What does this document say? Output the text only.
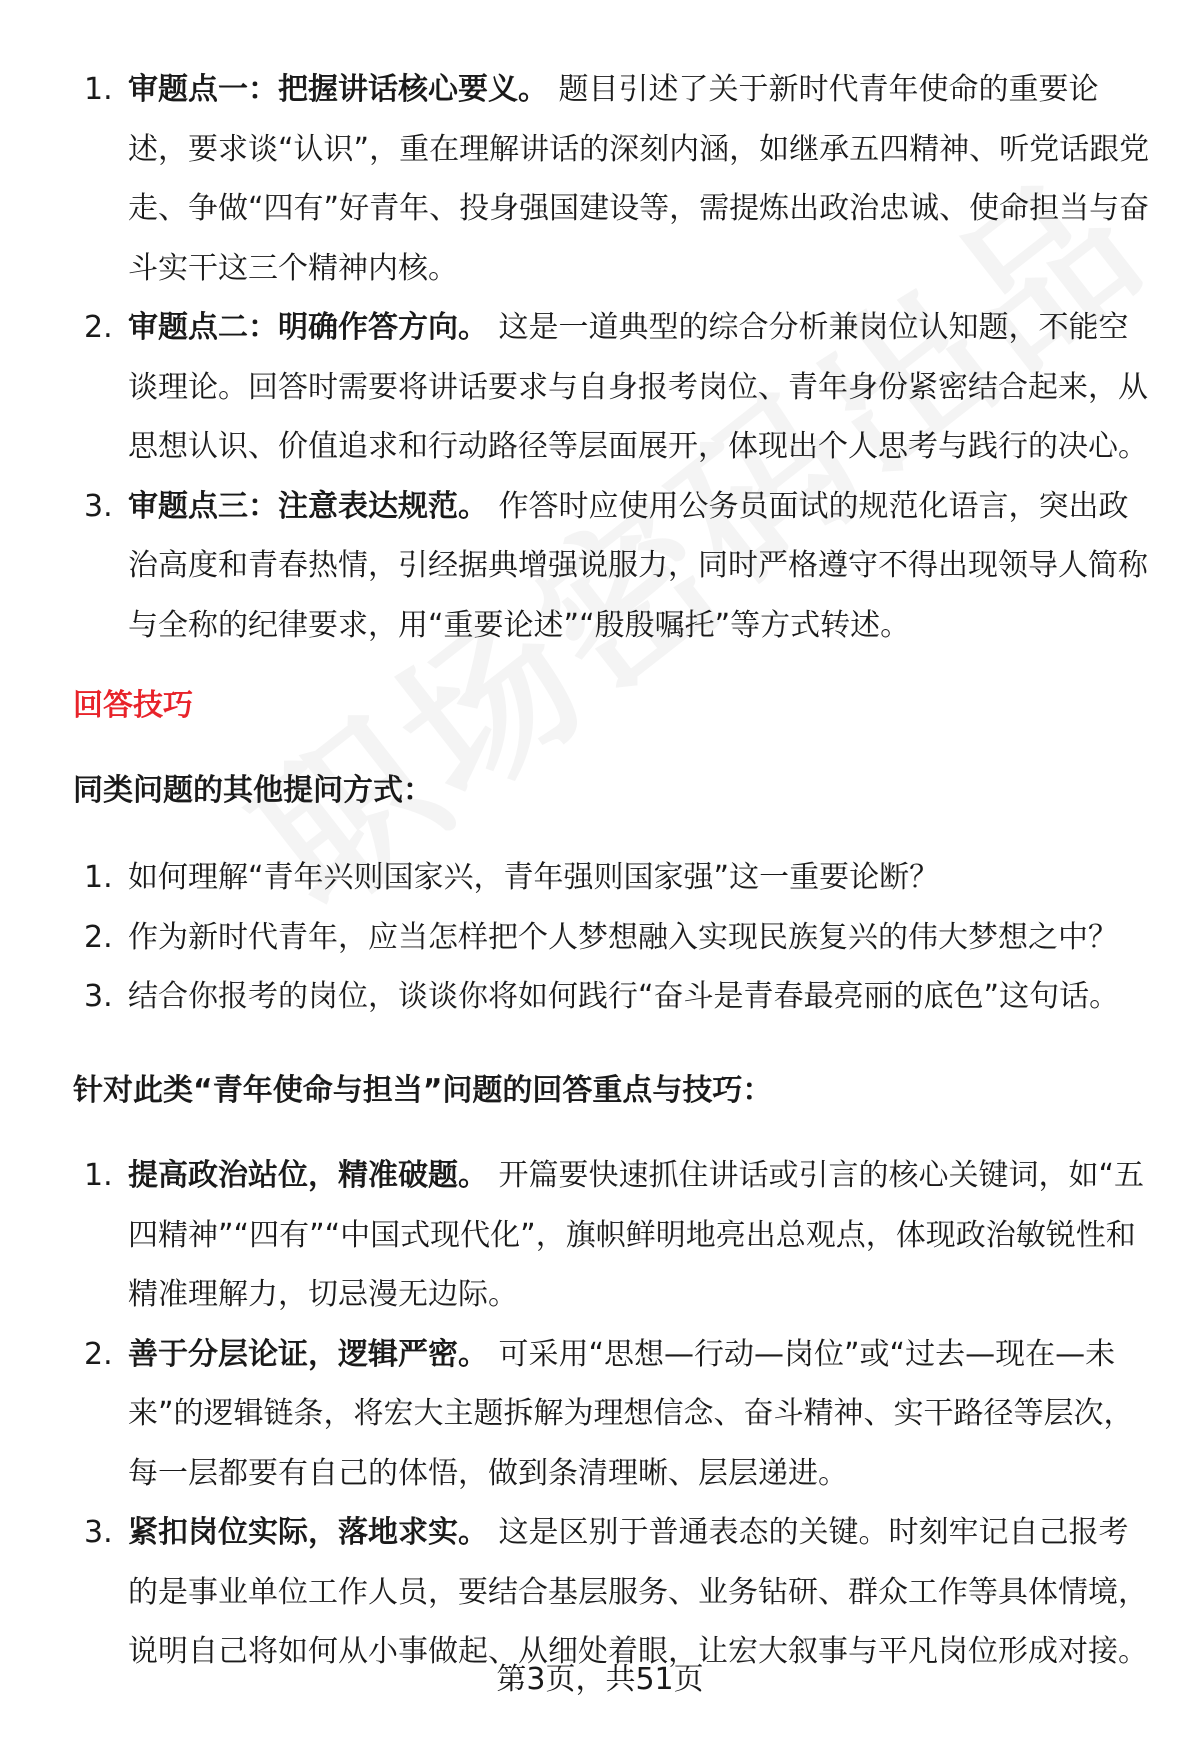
1. 审题点一：把握讲话核心要义。 题目引述了关于新时代青年使命的重要论述，要求谈“认识”，重在理解讲话的深刻内涵，如继承五四精神、听党话跟党走、争做“四有”好青年、投身强国建设等，需提炼出政治忠诚、使命担当与奋斗实干这三个精神内核。
2. 审题点二：明确作答方向。 这是一道典型的综合分析兼岗位认知题，不能空谈理论。回答时需要将讲话要求与自身报考岗位、青年身份紧密结合起来，从思想认识、价值追求和行动路径等层面展开，体现出个人思考与践行的决心。
3. 审题点三：注意表达规范。 作答时应使用公务员面试的规范化语言，突出政治高度和青春热情，引经据典增强说服力，同时严格遵守不得出现领导人简称与全称的纪律要求，用“重要论述”“殷殷嘱托”等方式转述。
回答技巧
同类问题的其他提问方式：
1. 如何理解“青年兴则国家兴，青年强则国家强”这一重要论断？
2. 作为新时代青年，应当怎样把个人梦想融入实现民族复兴的伟大梦想之中？
3. 结合你报考的岗位，谈谈你将如何践行“奋斗是青春最亮丽的底色”这句话。
针对此类“青年使命与担当”问题的回答重点与技巧：
1. 提高政治站位，精准破题。 开篇要快速抓住讲话或引言的核心关键词，如“五四精神”“四有”“中国式现代化”，旗帜鲜明地亮出总观点，体现政治敏锐性和精准理解力，切忌漫无边际。
2. 善于分层论证，逻辑严密。 可采用“思想—行动—岗位”或“过去—现在—未来”的逻辑链条，将宏大主题拆解为理想信念、奋斗精神、实干路径等层次，每一层都要有自己的体悟，做到条清理晰、层层递进。
3. 紧扣岗位实际，落地求实。 这是区别于普通表态的关键。时刻牢记自己报考的是事业单位工作人员，要结合基层服务、业务钻研、群众工作等具体情境，说明自己将如何从小事做起、从细处着眼，让宏大叙事与平凡岗位形成对接。
第3页，共51页
